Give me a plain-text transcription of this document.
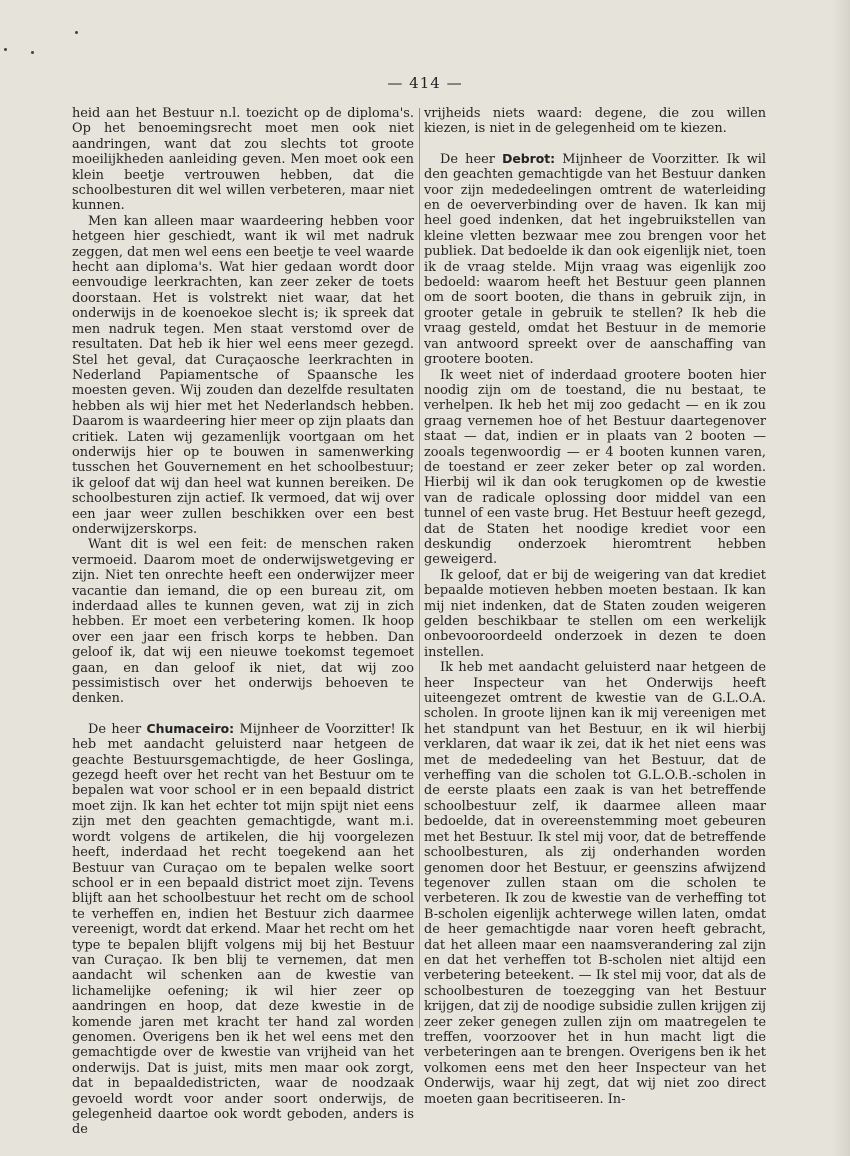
— 414 —

heid aan het Bestuur n.l. toezicht op de diploma's. Op het benoemingsrecht moet men ook niet aandringen, want dat zou slechts tot groote moeilijkheden aanleiding geven. Men moet ook een klein beetje vertrouwen hebben, dat die schoolbesturen dit wel willen verbeteren, maar niet kunnen.

Men kan alleen maar waardeering hebben voor hetgeen hier geschiedt, want ik wil met nadruk zeggen, dat men wel eens een beetje te veel waarde hecht aan diploma's. Wat hier gedaan wordt door eenvoudige leerkrachten, kan zeer zeker de toets doorstaan. Het is volstrekt niet waar, dat het onderwijs in de koenoekoe slecht is; ik spreek dat men nadruk tegen. Men staat verstomd over de resultaten. Dat heb ik hier wel eens meer gezegd. Stel het geval, dat Curaçaosche leerkrachten in Nederland Papiamentsche of Spaansche les moesten geven. Wij zouden dan dezelfde resultaten hebben als wij hier met het Nederlandsch hebben. Daarom is waardeering hier meer op zijn plaats dan critiek. Laten wij gezamenlijk voortgaan om het onderwijs hier op te bouwen in samenwerking tusschen het Gouvernement en het schoolbestuur; ik geloof dat wij dan heel wat kunnen bereiken. De schoolbesturen zijn actief. Ik vermoed, dat wij over een jaar weer zullen beschikken over een best onderwijzerskorps.

Want dit is wel een feit: de menschen raken vermoeid. Daarom moet de onderwijswetgeving er zijn. Niet ten onrechte heeft een onderwijzer meer vacantie dan iemand, die op een bureau zit, om inderdaad alles te kunnen geven, wat zij in zich hebben. Er moet een verbetering komen. Ik hoop over een jaar een frisch korps te hebben. Dan geloof ik, dat wij een nieuwe toekomst tegemoet gaan, en dan geloof ik niet, dat wij zoo pessimistisch over het onderwijs behoeven te denken.

De heer Chumaceiro: Mijnheer de Voorzitter! Ik heb met aandacht geluisterd naar hetgeen de geachte Bestuursgemachtigde, de heer Goslinga, gezegd heeft over het recht van het Bestuur om te bepalen wat voor school er in een bepaald district moet zijn. Ik kan het echter tot mijn spijt niet eens zijn met den geachten gemachtigde, want m.i. wordt volgens de artikelen, die hij voorgelezen heeft, inderdaad het recht toegekend aan het Bestuur van Curaçao om te bepalen welke soort school er in een bepaald district moet zijn. Tevens blijft aan het schoolbestuur het recht om de school te verheffen en, indien het Bestuur zich daarmee vereenigt, wordt dat erkend. Maar het recht om het type te bepalen blijft volgens mij bij het Bestuur van Curaçao. Ik ben blij te vernemen, dat men aandacht wil schenken aan de kwestie van lichamelijke oefening; ik wil hier zeer op aandringen en hoop, dat deze kwestie in de komende jaren met kracht ter hand zal worden genomen. Overigens ben ik het wel eens met den gemachtigde over de kwestie van vrijheid van het onderwijs. Dat is juist, mits men maar ook zorgt, dat in bepaaldedistricten, waar de noodzaak gevoeld wordt voor ander soort onderwijs, de gelegenheid daartoe ook wordt geboden, anders is de

vrijheids niets waard: degene, die zou willen kiezen, is niet in de gelegenheid om te kiezen.

De heer Debrot: Mijnheer de Voorzitter. Ik wil den geachten gemachtigde van het Bestuur danken voor zijn mededeelingen omtrent de waterleiding en de oeververbinding over de haven. Ik kan mij heel goed indenken, dat het ingebruikstellen van kleine vletten bezwaar mee zou brengen voor het publiek. Dat bedoelde ik dan ook eigenlijk niet, toen ik de vraag stelde. Mijn vraag was eigenlijk zoo bedoeld: waarom heeft het Bestuur geen plannen om de soort booten, die thans in gebruik zijn, in grooter getale in gebruik te stellen? Ik heb die vraag gesteld, omdat het Bestuur in de memorie van antwoord spreekt over de aanschaffing van grootere booten.

Ik weet niet of inderdaad grootere booten hier noodig zijn om de toestand, die nu bestaat, te verhelpen. Ik heb het mij zoo gedacht — en ik zou graag vernemen hoe of het Bestuur daartegenover staat — dat, indien er in plaats van 2 booten — zooals tegenwoordig — er 4 booten kunnen varen, de toestand er zeer zeker beter op zal worden. Hierbij wil ik dan ook terugkomen op de kwestie van de radicale oplossing door middel van een tunnel of een vaste brug. Het Bestuur heeft gezegd, dat de Staten het noodige krediet voor een deskundig onderzoek hieromtrent hebben geweigerd.

Ik geloof, dat er bij de weigering van dat krediet bepaalde motieven hebben moeten bestaan. Ik kan mij niet indenken, dat de Staten zouden weigeren gelden beschikbaar te stellen om een werkelijk onbevooroordeeld onderzoek in dezen te doen instellen.

Ik heb met aandacht geluisterd naar hetgeen de heer Inspecteur van het Onderwijs heeft uiteengezet omtrent de kwestie van de G.L.O.A. scholen. In groote lijnen kan ik mij vereenigen met het standpunt van het Bestuur, en ik wil hierbij verklaren, dat waar ik zei, dat ik het niet eens was met de mededeeling van het Bestuur, dat de verheffing van die scholen tot G.L.O.B.-scholen in de eerste plaats een zaak is van het betreffende schoolbestuur zelf, ik daarmee alleen maar bedoelde, dat in overeenstemming moet gebeuren met het Bestuur. Ik stel mij voor, dat de betreffende schoolbesturen, als zij onderhanden worden genomen door het Bestuur, er geenszins afwijzend tegenover zullen staan om die scholen te verbeteren. Ik zou de kwestie van de verheffing tot B-scholen eigenlijk achterwege willen laten, omdat de heer gemachtigde naar voren heeft gebracht, dat het alleen maar een naamsverandering zal zijn en dat het verheffen tot B-scholen niet altijd een verbetering beteekent. — Ik stel mij voor, dat als de schoolbesturen de toezegging van het Bestuur krijgen, dat zij de noodige subsidie zullen krijgen zij zeer zeker genegen zullen zijn om maatregelen te treffen, voorzoover het in hun macht ligt die verbeteringen aan te brengen. Overigens ben ik het volkomen eens met den heer Inspecteur van het Onderwijs, waar hij zegt, dat wij niet zoo direct moeten gaan becritiseeren. In-
